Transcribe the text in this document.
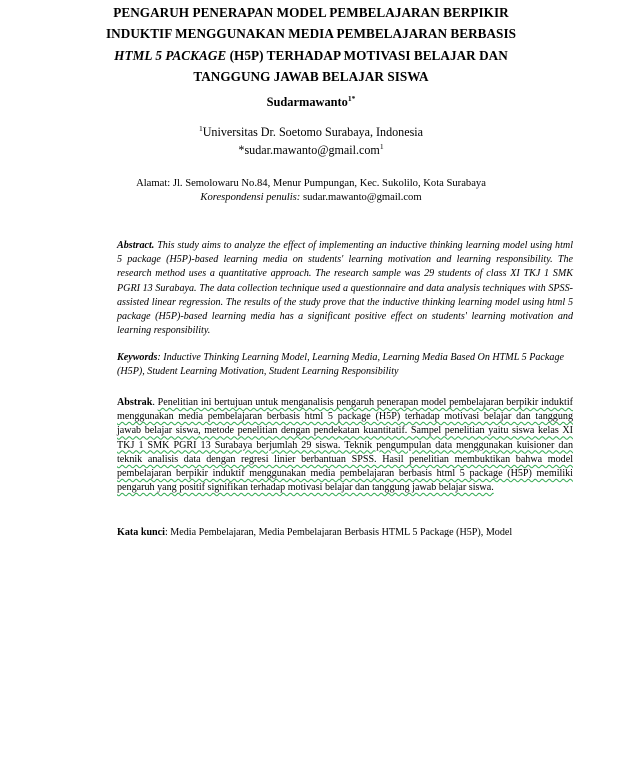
PENGARUH PENERAPAN MODEL PEMBELAJARAN BERPIKIR INDUKTIF MENGGUNAKAN MEDIA PEMBELAJARAN BERBASIS HTML 5 PACKAGE (H5P) TERHADAP MOTIVASI BELAJAR DAN TANGGUNG JAWAB BELAJAR SISWA
Sudarmawanto$^{1*}$
$^1$Universitas Dr. Soetomo Surabaya, Indonesia
*sudar.mawanto@gmail.com$^1$
Alamat: Jl. Semolowaru No.84, Menur Pumpungan, Kec. Sukolilo, Kota Surabaya
Korespondensi penulis: sudar.mawanto@gmail.com
Abstract. This study aims to analyze the effect of implementing an inductive thinking learning model using html 5 package (H5P)-based learning media on students' learning motivation and learning responsibility. The research method uses a quantitative approach. The research sample was 29 students of class XI TKJ 1 SMK PGRI 13 Surabaya. The data collection technique used a questionnaire and data analysis techniques with SPSS-assisted linear regression. The results of the study prove that the inductive thinking learning model using html 5 package (H5P)-based learning media has a significant positive effect on students' learning motivation and learning responsibility.
Keywords: Inductive Thinking Learning Model, Learning Media, Learning Media Based On HTML 5 Package (H5P), Student Learning Motivation, Student Learning Responsibility
Abstrak. Penelitian ini bertujuan untuk menganalisis pengaruh penerapan model pembelajaran berpikir induktif menggunakan media pembelajaran berbasis html 5 package (H5P) terhadap motivasi belajar dan tanggung jawab belajar siswa, metode penelitian dengan pendekatan kuantitatif. Sampel penelitian yaitu siswa kelas XI TKJ 1 SMK PGRI 13 Surabaya berjumlah 29 siswa. Teknik pengumpulan data menggunakan kuisioner dan teknik analisis data dengan regresi linier berbantuan SPSS. Hasil penelitian membuktikan bahwa model pembelajaran berpikir induktif menggunakan media pembelajaran berbasis html 5 package (H5P) memiliki pengaruh yang positif signifikan terhadap motivasi belajar dan tanggung jawab belajar siswa.
Kata kunci: Media Pembelajaran, Media Pembelajaran Berbasis HTML 5 Package (H5P), Model
